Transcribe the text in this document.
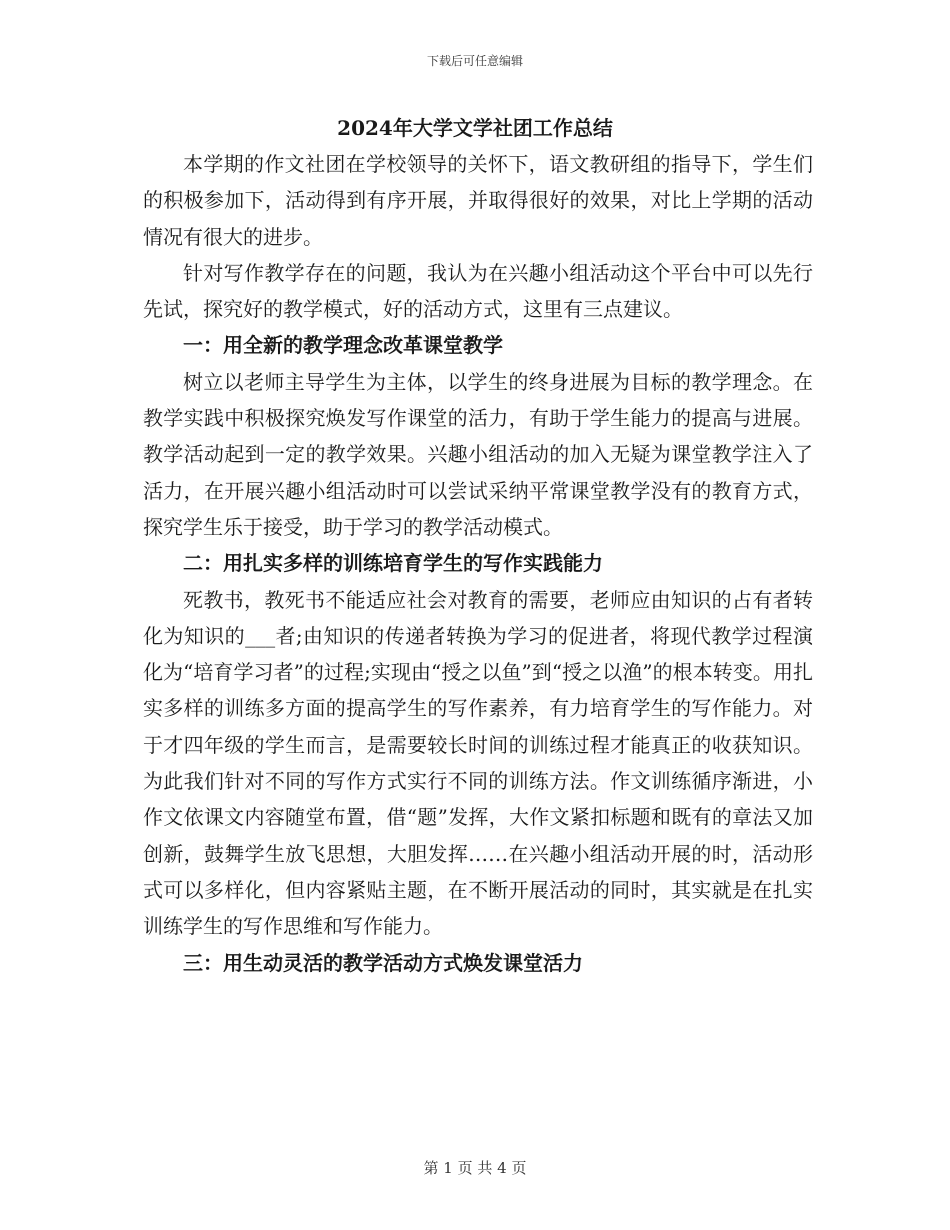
下载后可任意编辑
2024年大学文学社团工作总结

本学期的作文社团在学校领导的关怀下，语文教研组的指导下，学生们的积极参加下，活动得到有序开展，并取得很好的效果，对比上学期的活动情况有很大的进步。

针对写作教学存在的问题，我认为在兴趣小组活动这个平台中可以先行先试，探究好的教学模式，好的活动方式，这里有三点建议。

一：用全新的教学理念改革课堂教学

树立以老师主导学生为主体，以学生的终身进展为目标的教学理念。在教学实践中积极探究焕发写作课堂的活力，有助于学生能力的提高与进展。教学活动起到一定的教学效果。兴趣小组活动的加入无疑为课堂教学注入了活力，在开展兴趣小组活动时可以尝试采纳平常课堂教学没有的教育方式，探究学生乐于接受，助于学习的教学活动模式。

二：用扎实多样的训练培育学生的写作实践能力

死教书，教死书不能适应社会对教育的需要，老师应由知识的占有者转化为知识的___者;由知识的传递者转换为学习的促进者，将现代教学过程演化为“培育学习者”的过程;实现由“授之以鱼”到“授之以渔”的根本转变。用扎实多样的训练多方面的提高学生的写作素养，有力培育学生的写作能力。对于才四年级的学生而言，是需要较长时间的训练过程才能真正的收获知识。为此我们针对不同的写作方式实行不同的训练方法。作文训练循序渐进，小作文依课文内容随堂布置，借“题”发挥，大作文紧扣标题和既有的章法又加创新，鼓舞学生放飞思想，大胆发挥……在兴趣小组活动开展的时，活动形式可以多样化，但内容紧贴主题，在不断开展活动的同时，其实就是在扎实训练学生的写作思维和写作能力。

三：用生动灵活的教学活动方式焕发课堂活力

第 1 页 共 4 页
